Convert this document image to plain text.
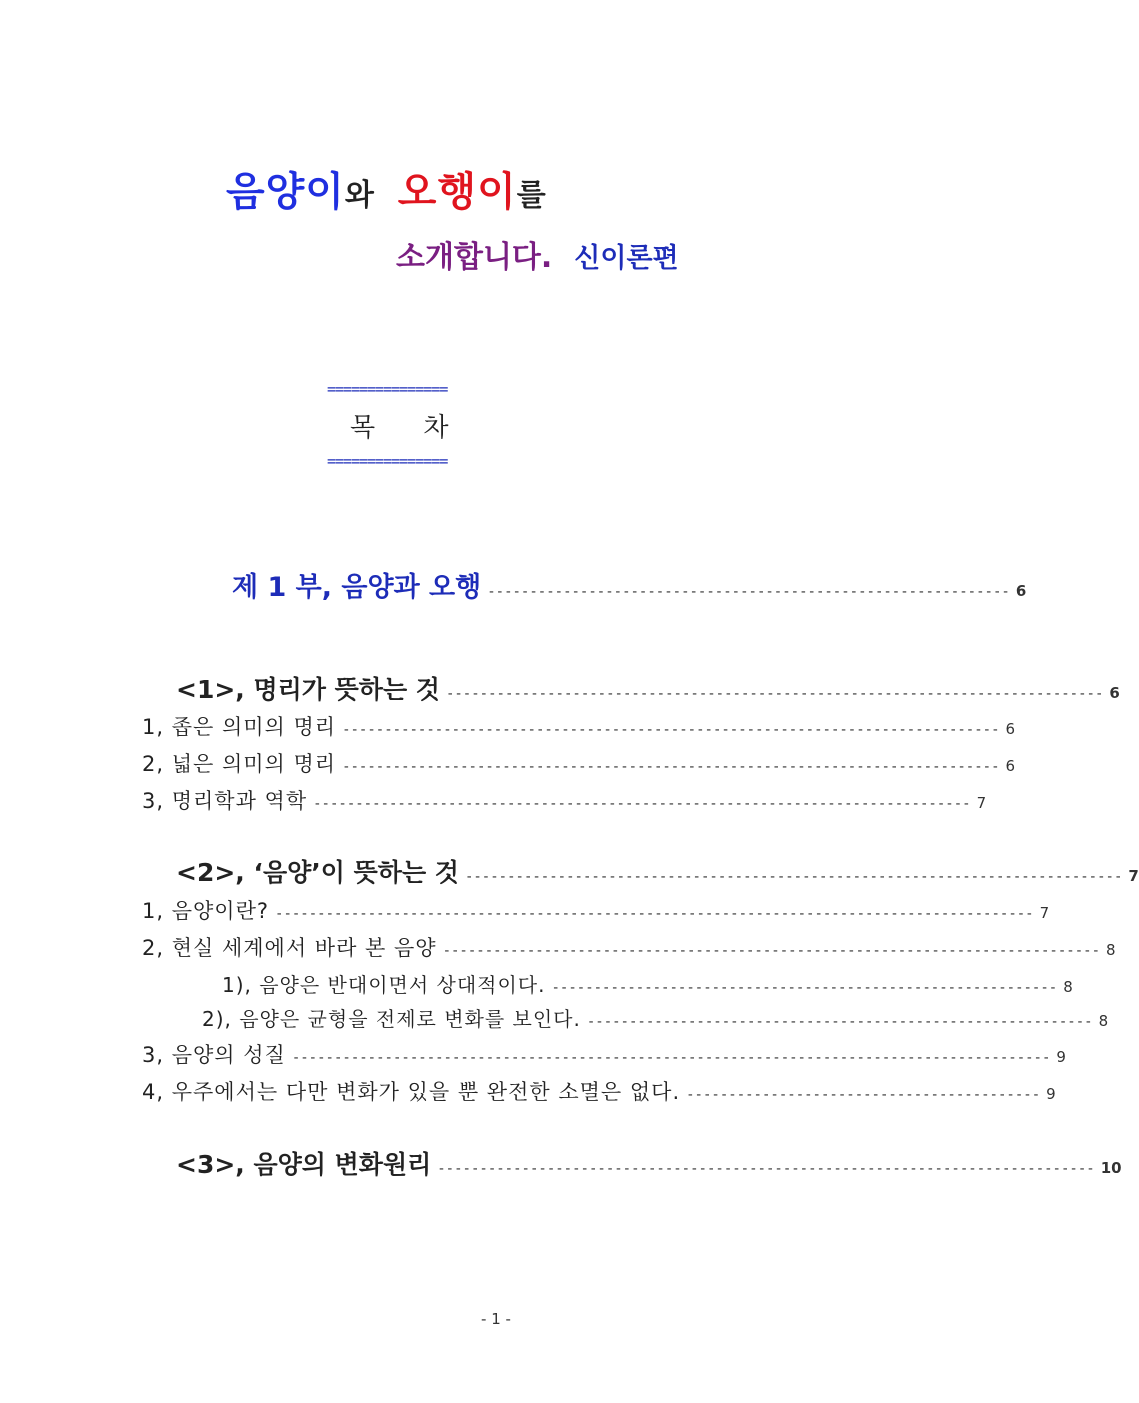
음양이와 오행이를
소개합니다. 신이론편
===============
목 차
===============
제 1 부, 음양과 오행 -------------------------------------------------------------- 6
<1>, 명리가 뜻하는 것 ------------------------------------------------------------------------------ 6
1, 좁은 의미의 명리 ------------------------------------------------------------------------------ 6
2, 넓은 의미의 명리 ------------------------------------------------------------------------------ 6
3, 명리학과 역학 ------------------------------------------------------------------------------ 7
<2>, ‘음양’이 뜻하는 것 ------------------------------------------------------------------------------ 7
1, 음양이란? ------------------------------------------------------------------------------------------ 7
2, 현실 세계에서 바라 본 음양 ------------------------------------------------------------------------------ 8
1), 음양은 반대이면서 상대적이다. ------------------------------------------------------------ 8
2), 음양은 균형을 전제로 변화를 보인다. ------------------------------------------------------------ 8
3, 음양의 성질 ------------------------------------------------------------------------------------------ 9
4, 우주에서는 다만 변화가 있을 뿐 완전한 소멸은 없다. ------------------------------------------ 9
<3>, 음양의 변화원리 ------------------------------------------------------------------------------ 10
- 1 -
